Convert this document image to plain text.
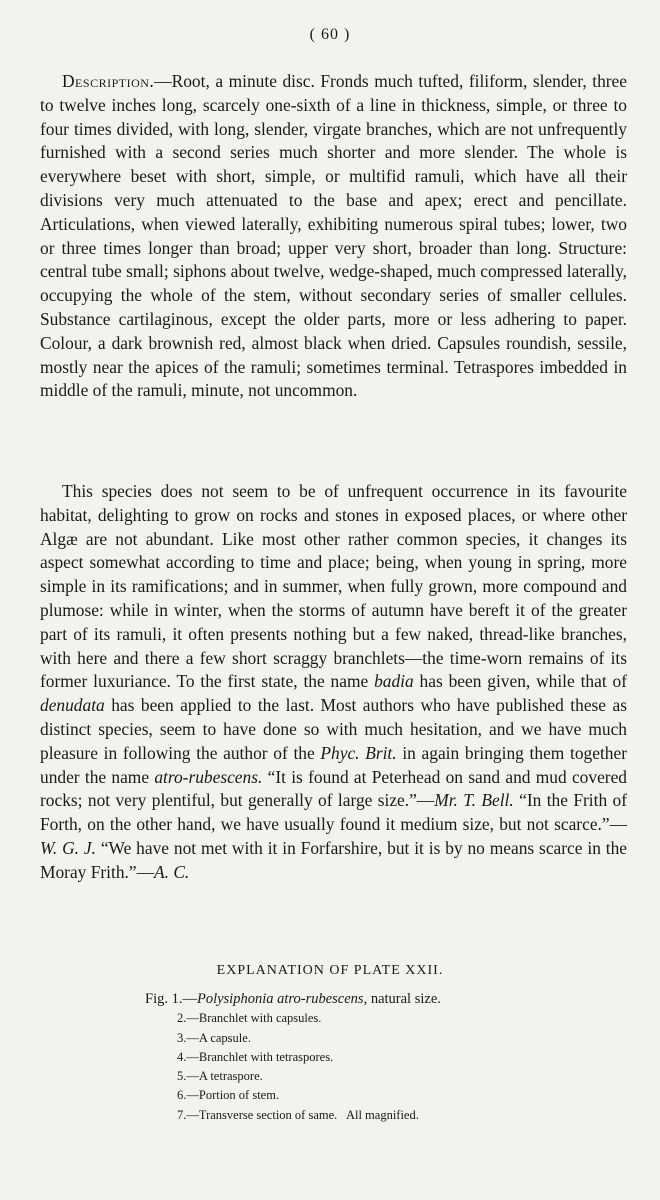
( 60 )

Description.—Root, a minute disc. Fronds much tufted, filiform, slender, three to twelve inches long, scarcely one-sixth of a line in thickness, simple, or three to four times divided, with long, slender, virgate branches, which are not unfrequently furnished with a second series much shorter and more slender. The whole is everywhere beset with short, simple, or multifid ramuli, which have all their divisions very much attenuated to the base and apex; erect and pencillate. Articulations, when viewed laterally, exhibiting numerous spiral tubes; lower, two or three times longer than broad; upper very short, broader than long. Structure: central tube small; siphons about twelve, wedge-shaped, much compressed laterally, occupying the whole of the stem, without secondary series of smaller cellules. Substance cartilaginous, except the older parts, more or less adhering to paper. Colour, a dark brownish red, almost black when dried. Capsules roundish, sessile, mostly near the apices of the ramuli; sometimes terminal. Tetraspores imbedded in middle of the ramuli, minute, not uncommon.

This species does not seem to be of unfrequent occurrence in its favourite habitat, delighting to grow on rocks and stones in exposed places, or where other Algæ are not abundant. Like most other rather common species, it changes its aspect somewhat according to time and place; being, when young in spring, more simple in its ramifications; and in summer, when fully grown, more compound and plumose: while in winter, when the storms of autumn have bereft it of the greater part of its ramuli, it often presents nothing but a few naked, thread-like branches, with here and there a few short scraggy branchlets—the time-worn remains of its former luxuriance. To the first state, the name badia has been given, while that of denudata has been applied to the last. Most authors who have published these as distinct species, seem to have done so with much hesitation, and we have much pleasure in following the author of the Phyc. Brit. in again bringing them together under the name atro-rubescens. “It is found at Peterhead on sand and mud covered rocks; not very plentiful, but generally of large size.”—Mr. T. Bell. “In the Frith of Forth, on the other hand, we have usually found it medium size, but not scarce.”—W. G. J. “We have not met with it in Forfarshire, but it is by no means scarce in the Moray Frith.”—A. C.

EXPLANATION OF PLATE XXII.
Fig. 1.—Polysiphonia atro-rubescens, natural size.
2.—Branchlet with capsules.
3.—A capsule.
4.—Branchlet with tetraspores.
5.—A tetraspore.
6.—Portion of stem.
7.—Transverse section of same.   All magnified.
